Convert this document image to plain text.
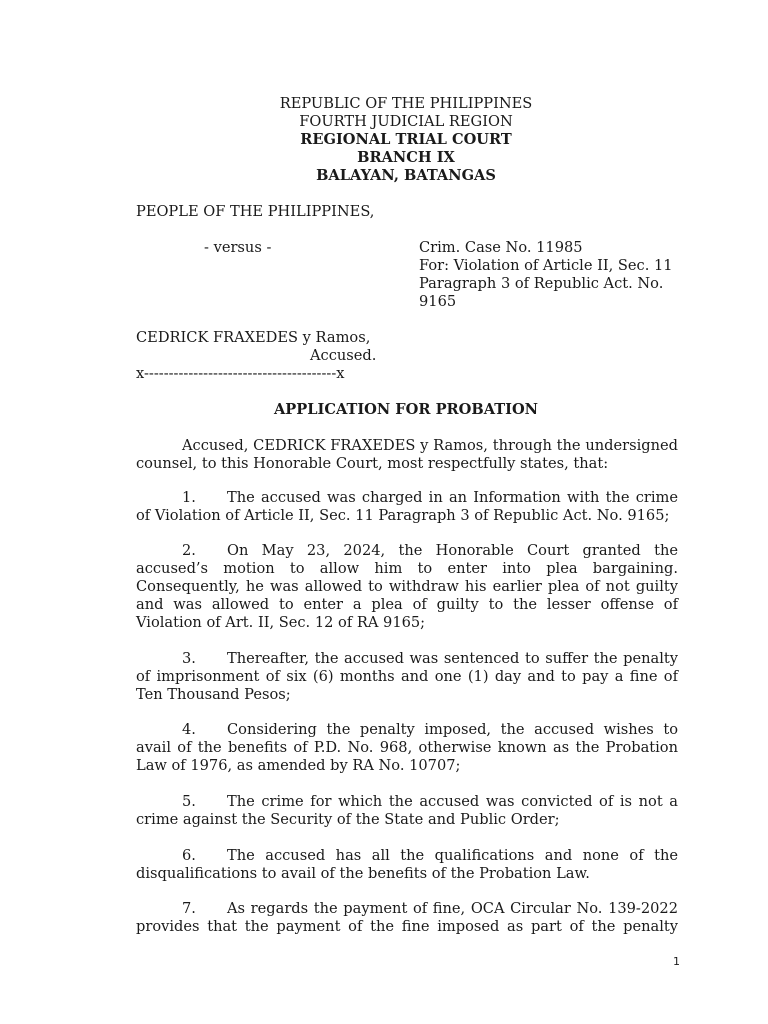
REPUBLIC OF THE PHILIPPINES
FOURTH JUDICIAL REGION
REGIONAL TRIAL COURT
BRANCH IX
BALAYAN, BATANGAS
PEOPLE OF THE PHILIPPINES,
- versus -	Crim. Case No. 11985
For: Violation of Article II, Sec. 11
Paragraph 3 of Republic Act. No.
9165
CEDRICK FRAXEDES y Ramos,
Accused.
x---------------------------------------x
APPLICATION FOR PROBATION
Accused, CEDRICK FRAXEDES y Ramos, through the undersigned
counsel, to this Honorable Court, most respectfully states, that:
1. The accused was charged in an Information with the crime
of Violation of Article II, Sec. 11 Paragraph 3 of Republic Act. No. 9165;
2. On May 23, 2024, the Honorable Court granted the
accused’s motion to allow him to enter into plea bargaining.
Consequently, he was allowed to withdraw his earlier plea of not guilty
and was allowed to enter a plea of guilty to the lesser offense of
Violation of Art. II, Sec. 12 of RA 9165;
3. Thereafter, the accused was sentenced to suffer the penalty
of imprisonment of six (6) months and one (1) day and to pay a fine of
Ten Thousand Pesos;
4. Considering the penalty imposed, the accused wishes to
avail of the benefits of P.D. No. 968, otherwise known as the Probation
Law of 1976, as amended by RA No. 10707;
5. The crime for which the accused was convicted of is not a
crime against the Security of the State and Public Order;
6. The accused has all the qualifications and none of the
disqualifications to avail of the benefits of the Probation Law.
7. As regards the payment of fine, OCA Circular No. 139-2022
provides that the payment of the fine imposed as part of the penalty
1
